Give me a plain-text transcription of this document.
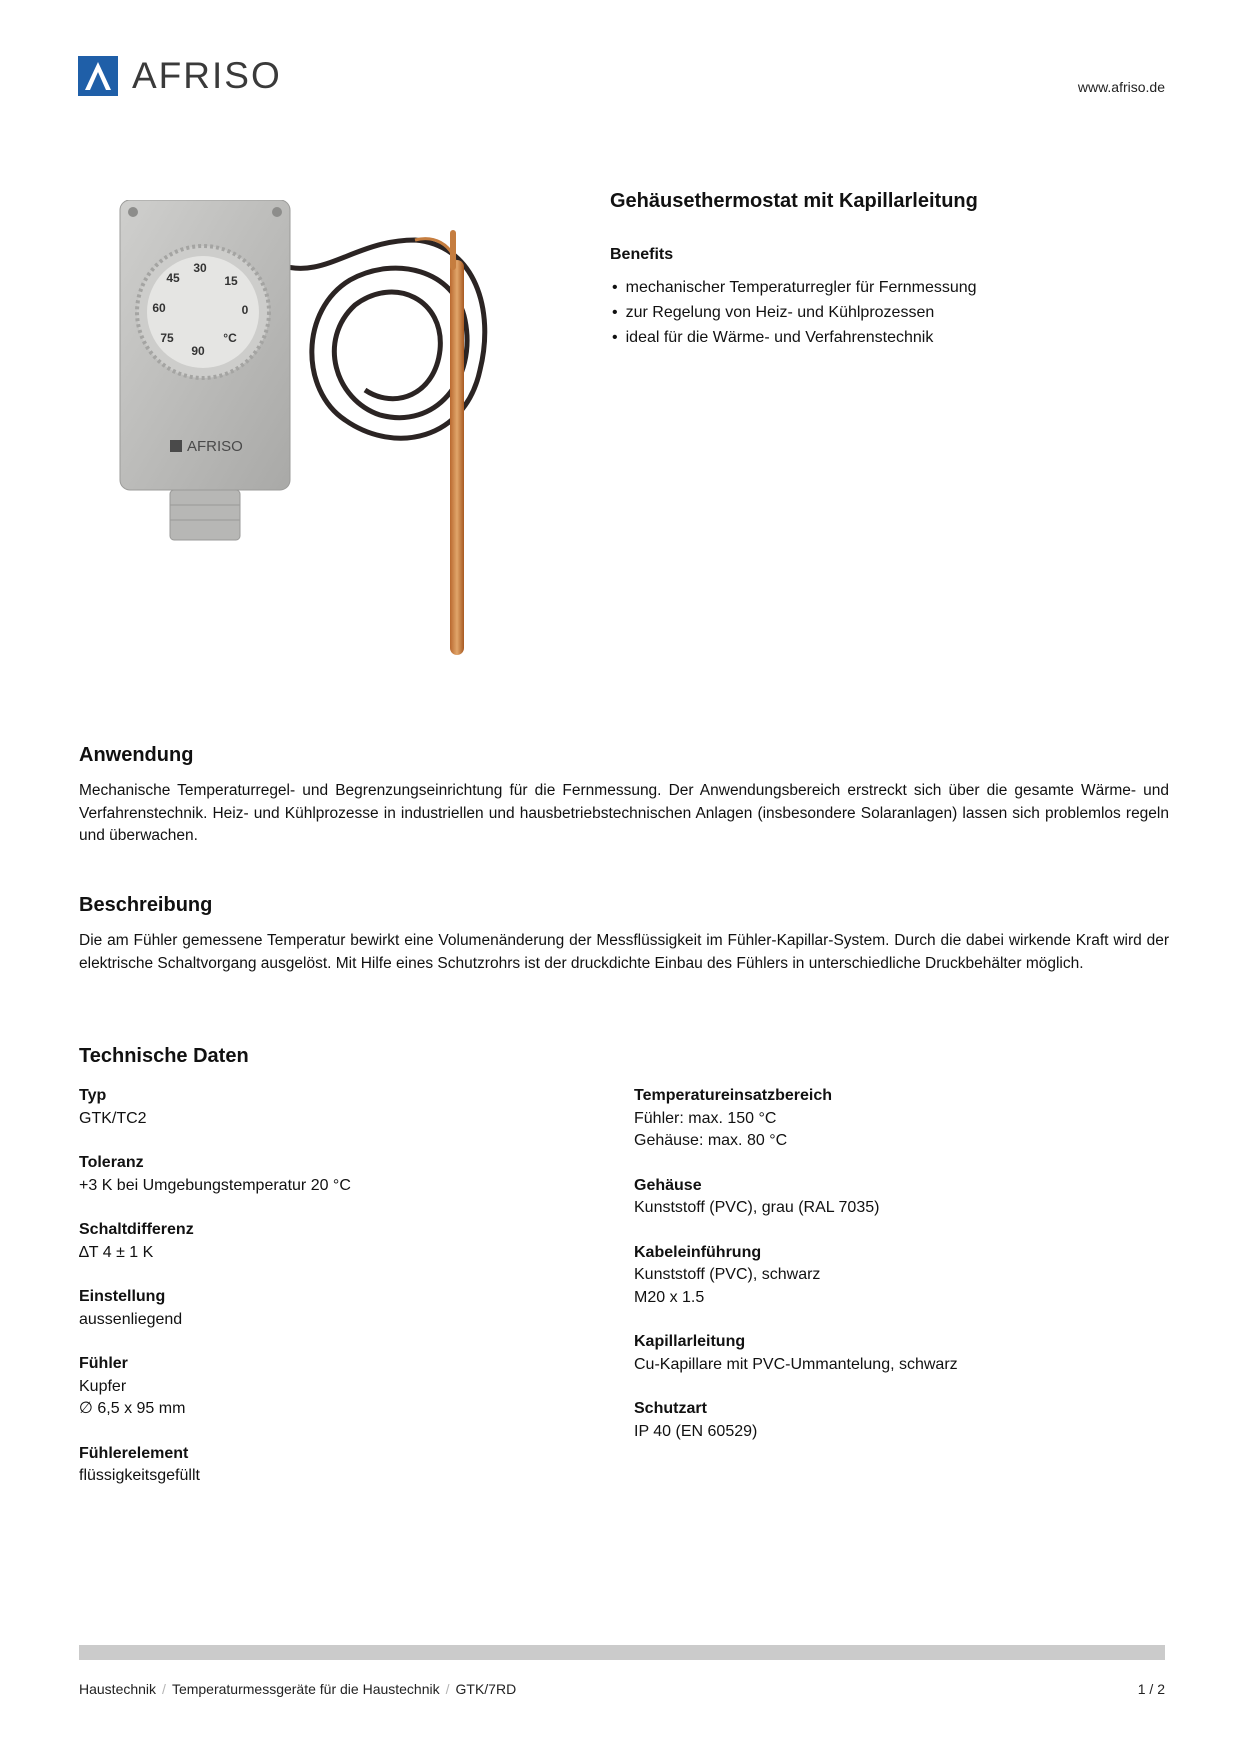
AFRISO	www.afriso.de
30
45	15
60	0
75
90
°C
AFRISO
Gehäusethermostat mit Kapillarleitung
Benefits
• mechanischer Temperaturregler für Fernmessung
• zur Regelung von Heiz- und Kühlprozessen
• ideal für die Wärme- und Verfahrenstechnik
Anwendung

Mechanische Temperaturregel- und Begrenzungseinrichtung für die Fernmessung. Der Anwendungsbereich erstreckt sich über die gesamte Wärme- und Verfahrenstechnik. Heiz- und Kühlprozesse in industriellen und hausbetriebstechnischen Anlagen (insbesondere Solaranlagen) lassen sich problemlos regeln und überwachen.

Beschreibung

Die am Fühler gemessene Temperatur bewirkt eine Volumenänderung der Messflüssigkeit im Fühler-Kapillar-System. Durch die dabei wirkende Kraft wird der elektrische Schaltvorgang ausgelöst. Mit Hilfe eines Schutzrohrs ist der druckdichte Einbau des Fühlers in unterschiedliche Druckbehälter möglich.

Technische Daten
Typ
GTK/TC2
Toleranz
+3 K bei Umgebungstemperatur 20 °C
Schaltdifferenz
∆T 4 ± 1 K
Einstellung
aussenliegend
Fühler
Kupfer
∅ 6,5 x 95 mm
Fühlerelement
flüssigkeitsgefüllt
Temperatureinsatzbereich
Fühler: max. 150 °C
Gehäuse: max. 80 °C
Gehäuse
Kunststoff (PVC), grau (RAL 7035)
Kabeleinführung
Kunststoff (PVC), schwarz
M20 x 1.5
Kapillarleitung
Cu-Kapillare mit PVC-Ummantelung, schwarz
Schutzart
IP 40 (EN 60529)
Haustechnik / Temperaturmessgeräte für die Haustechnik / GTK/7RD	1 / 2
